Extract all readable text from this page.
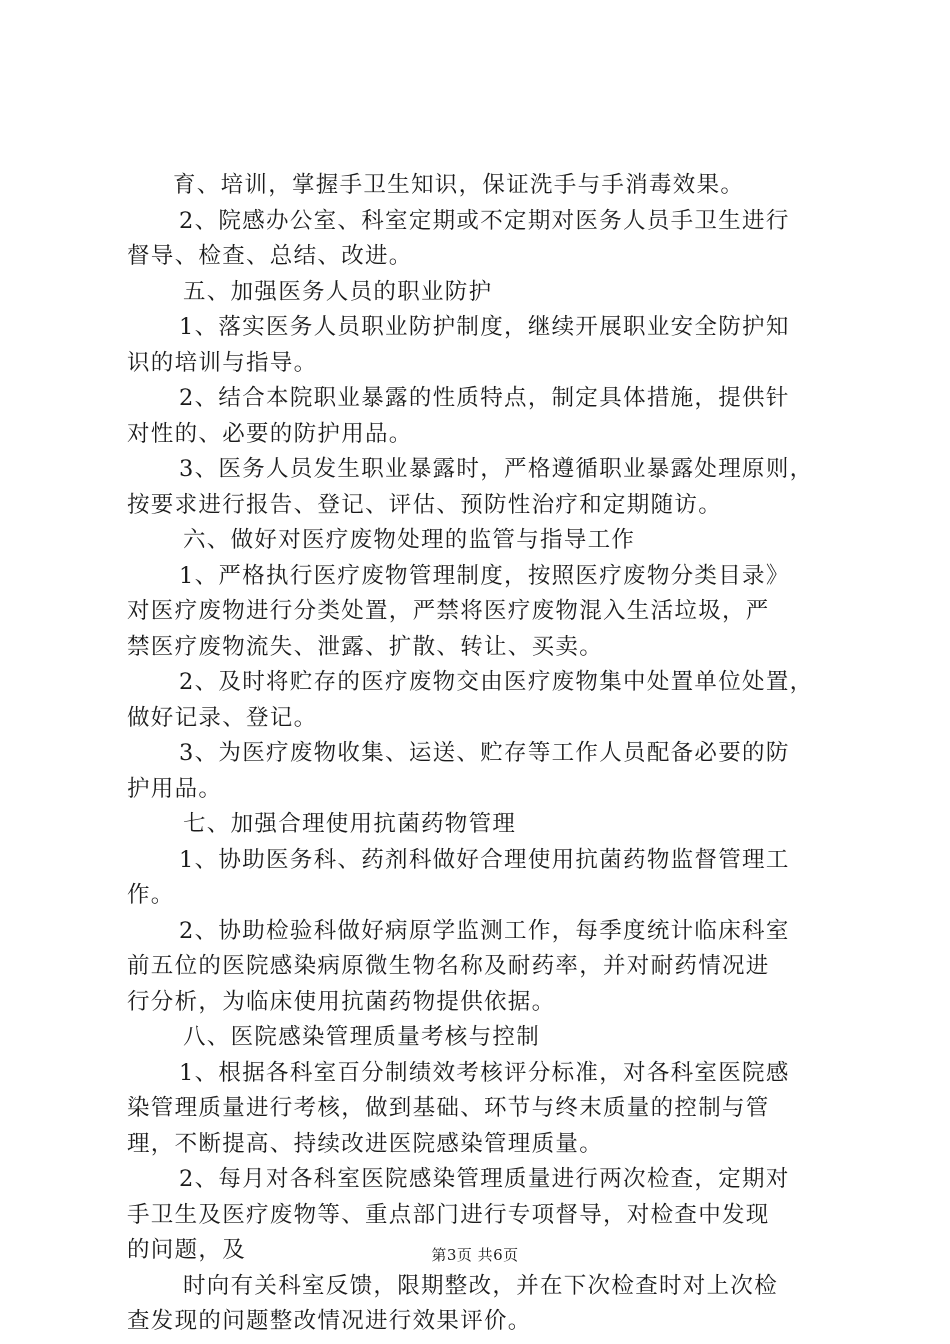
育、培训，掌握手卫生知识，保证洗手与手消毒效果。
2、院感办公室、科室定期或不定期对医务人员手卫生进行
督导、检查、总结、改进。
五、加强医务人员的职业防护
1、落实医务人员职业防护制度，继续开展职业安全防护知
识的培训与指导。
2、结合本院职业暴露的性质特点，制定具体措施，提供针
对性的、必要的防护用品。
3、医务人员发生职业暴露时，严格遵循职业暴露处理原则，
按要求进行报告、登记、评估、预防性治疗和定期随访。
六、做好对医疗废物处理的监管与指导工作
1、严格执行医疗废物管理制度，按照医疗废物分类目录》
对医疗废物进行分类处置，严禁将医疗废物混入生活垃圾，严
禁医疗废物流失、泄露、扩散、转让、买卖。
2、及时将贮存的医疗废物交由医疗废物集中处置单位处置，
做好记录、登记。
3、为医疗废物收集、运送、贮存等工作人员配备必要的防
护用品。
七、加强合理使用抗菌药物管理
1、协助医务科、药剂科做好合理使用抗菌药物监督管理工
作。
2、协助检验科做好病原学监测工作，每季度统计临床科室
前五位的医院感染病原微生物名称及耐药率，并对耐药情况进
行分析，为临床使用抗菌药物提供依据。
八、医院感染管理质量考核与控制
1、根据各科室百分制绩效考核评分标准，对各科室医院感
染管理质量进行考核，做到基础、环节与终末质量的控制与管
理，不断提高、持续改进医院感染管理质量。
2、每月对各科室医院感染管理质量进行两次检查，定期对
手卫生及医疗废物等、重点部门进行专项督导，对检查中发现
的问题，及
时向有关科室反馈，限期整改，并在下次检查时对上次检
查发现的问题整改情况进行效果评价。
第3页 共6页
